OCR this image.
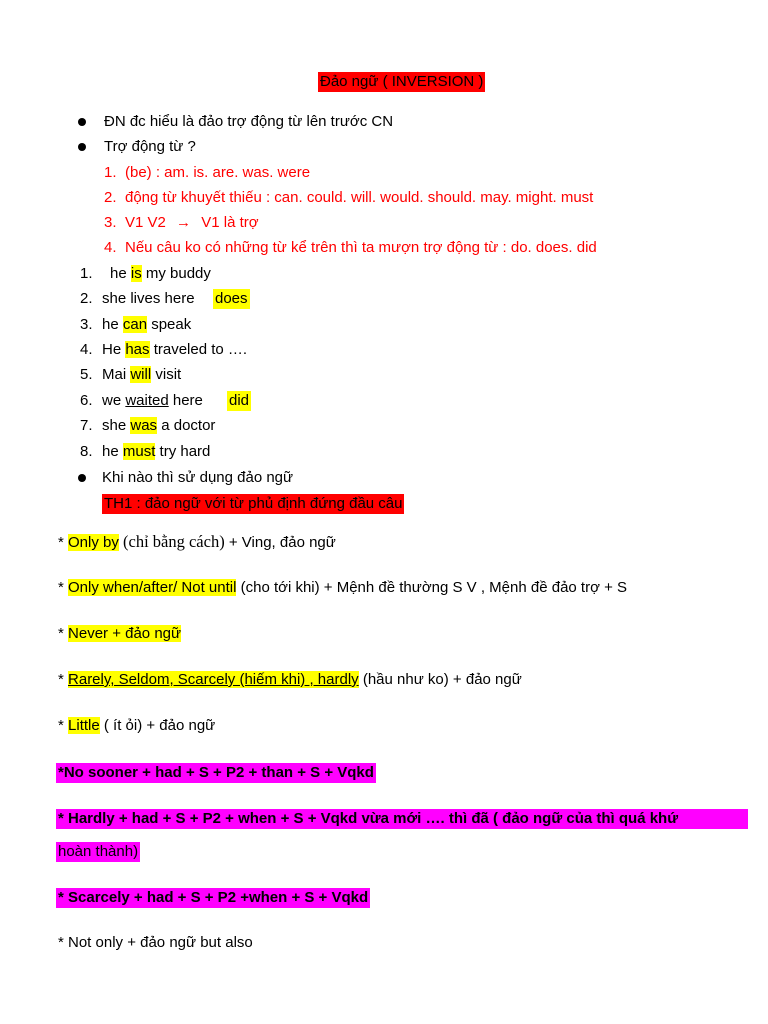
Đảo ngữ ( INVERSION )
ĐN đc hiểu là đảo trợ động từ lên trước CN
Trợ động từ ?
1. (be) : am. is. are. was. were
2. động từ khuyết thiếu : can. could. will. would. should. may. might. must
3. V1 V2 → V1 là trợ
4. Nếu câu ko có những từ kể trên thì ta mượn trợ động từ : do. does. did
1. he is my buddy
2. she lives here does
3. he can speak
4. He has traveled to ….
5. Mai will visit
6. we waited here did
7. she was a doctor
8. he must try hard
Khi nào thì sử dụng đảo ngữ
TH1 : đảo ngữ với từ phủ định đứng đầu câu
* Only by (chỉ bằng cách) + Ving, đảo ngữ
* Only when/after/ Not until (cho tới khi) + Mệnh đề thường S V , Mệnh đề đảo trợ + S
* Never + đảo ngữ
* Rarely, Seldom, Scarcely (hiếm khi) , hardly (hầu như ko) + đảo ngữ
* Little ( ít ỏi) + đảo ngữ
*No sooner + had + S + P2 + than + S + Vqkd
* Hardly + had + S + P2 + when + S + Vqkd vừa mới …. thì đã ( đảo ngữ của thì quá khứ
hoàn thành)
* Scarcely + had + S + P2 +when + S + Vqkd
* Not only + đảo ngữ but also
